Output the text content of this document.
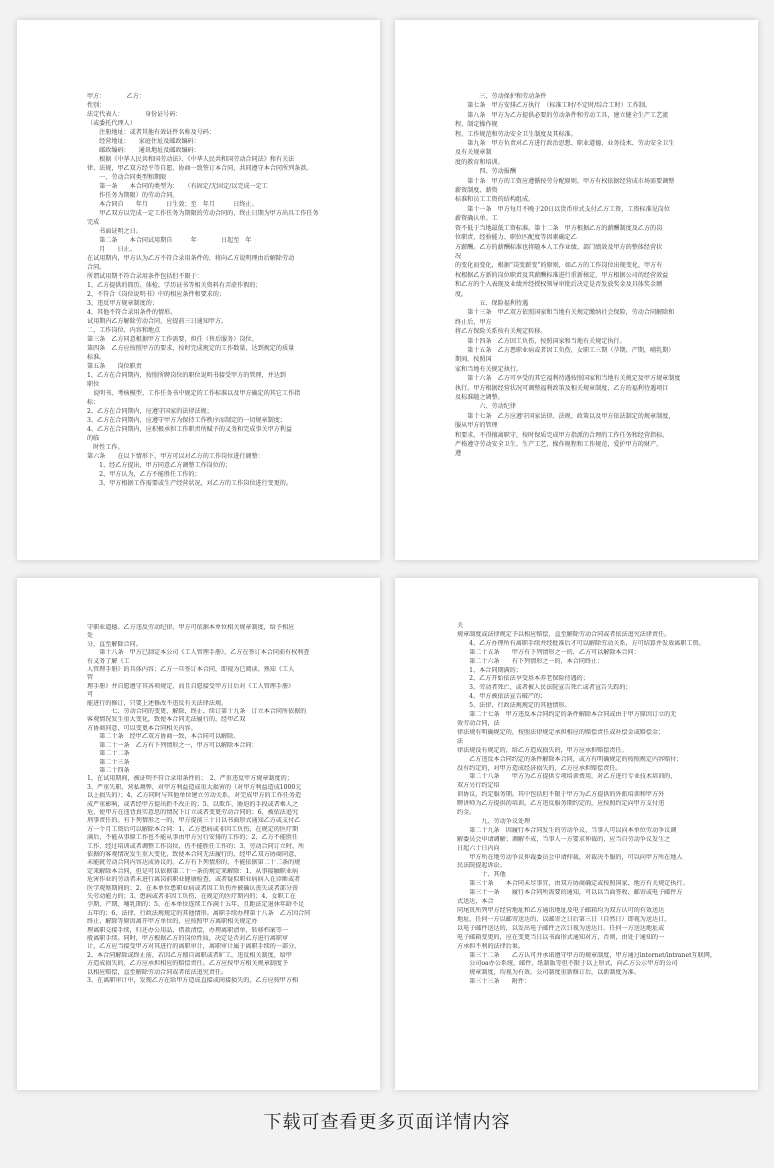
甲方：　　　　乙方：
性别：
法定代表人：　　　　身份证号码：
（或委托代理人）
　　注册地址：或者其他有效证件名称及号码：
　　经营地址：　　家庭住址及邮政编码：
　　邮政编码：　　通讯地址及邮政编码：
　　根据《中华人民共和国劳动法》、《中华人民共和国劳动合同法》和有关法
律、法规，甲乙双方经平等自愿、协商一致签订本合同，共同遵守本合同所列条款。
　　一、劳动合同类型和期限
　　第一条　　本合同的类型为：　　（有固定/无固定/以完成一定工
　　作任务为期限）的劳动合同。
　　本合同自　　年月　　　日生效；至　年月　　　日终止。
　　甲乙双方以完成一定工作任务为期限的劳动合同的，终止日期为甲方出具工作任务
完成
　　书面证明之日。
　　第二条　　本合同试用期自　　　年　　　　日起至　年
　　月　　日止。
在试用期内，甲方认为乙方不符合录用条件的，将向乙方说明理由后解除劳动
合同。
所谓试用期不符合录用条件包括但不限于：
1、乙方提供的简历、体检、学历证书等相关资料有弄虚作假的；
2、不符合《岗位说明书》中的相应条件和要求的；
3、违反甲方规章制度的；
4、其他不符合录用条件的情形。
试用期内乙方解除劳动合同，应提前三日通知甲方。
二、工作岗位、内容和地点
第三条　乙方同意根据甲方工作需要，担任（售后服务）岗位。
第四条　乙方应按照甲方的要求，按时完成规定的工作数量，达到规定的质量
标准。
第五条　　岗位职责
1、乙方在合同期内，按照所聘岗位的职位说明书接受甲方的管理，并达到
职位
　说明书、考核模型、工作任务书中规定的工作标准以及甲方确定的其它工作指
标；
2、乙方在合同期内，应遵守国家的法律法规；
3、乙方在合同期内，应遵守甲方为保持工作秩序而制定的一切规章制度；
4、乙方在合同期内，应积极承担工作职责所赋予的义务和完成事关甲方利益
的临
　时性工作。
第六条　　在以下情形下，甲方可以对乙方的工作岗位进行调整：
　　1、经乙方提出，甲方同意乙方调整工作岗位的；
　　2、甲方认为，乙方不能胜任工作的；
　　3、甲方根据工作需要或生产经营状况，对乙方的工作岗位进行变更的。
　　　　三、劳动保护和劳动条件
　　第七条　甲方安排乙方执行　（标准工时/不定时/综合工时）工作制。
　　第八条　甲方为乙方提供必要的劳动条件和劳动工具，建立健全生产工艺流
程，制定操作规
程、工作规范和劳动安全卫生制度及其标准。
　　第九条　甲方负责对乙方进行政治思想、职业道德、业务技术、劳动安全卫生
及有关规章制
度的教育和培训。
　　　　四、劳动报酬
　　第十条　甲方的工资应遵循按劳分配原则，甲方有权依据经营成市场需要调整
薪资制度、薪资
标准和员工工资的结构组成。
　　第十一条　甲方每月不晚于20日以货币形式支付乙方工资，工资标准见岗位
薪资确认单。工
资不低于当地最低工资标准。第十二条　甲方根据乙方的薪酬制度及乙方的岗
位职责、经验能力、职位匹配度等因素确定乙
方薪酬。乙方的薪酬标准也将随本人工作业绩、部门绩效及甲方的整体经营状
况
的变化而变化，根据“岗变薪变”的原则，如乙方的工作岗位出现变化，甲方有
权根据乙方新的岗位职责及其薪酬标准进行重新核定，甲方根据公司的经营效益
和乙方的个人表现及业绩并经授权领导审批后决定是否发放奖金及具体奖金额
度。
　　　　五、保险福利待遇
　　第十三条　甲乙双方依照国家和当地有关规定缴纳社会保险，劳动合同解除和
终止后，甲方
将乙方保险关系按有关规定转移。
　　第十四条　乙方因工负伤，按照国家和当地有关规定执行。
　　第十五条　乙方患职业病或者因工负伤，女职工三期（孕期，产期，哺乳期）
期间，按照国
家和当地有关规定执行。
　　第十六条　乙方可享受的其它福利待遇按照国家和当地有关规定及甲方规章制度
执行。甲方根据经营状况可调整福利政策及相关规章制度，乙方的福利待遇项目
及标准随之调整。
　　　　六、劳动纪律
　　第十七条　乙方应遵守国家法律、法规、政策以及甲方依法制定的规章制度，
服从甲方的管理
和要求，不得擅离职守，按时保质完成甲方指派的合理的工作任务和经营指标。
严格遵守劳动安全卫生、生产工艺、操作规程和工作规范，爱护甲方的财产，
遵
守职业道德。乙方违反劳动纪律，甲方可依据本单位相关规章制度，给予相应
处
分，直至解除合同。
　　第十八条　甲方已制定本公司《工人管理手册》，乙方在签订本合同前有权利查
有义务了解《工
人管理手册》的具体内容；乙方一旦签订本合同，即视为已阅读、熟知《工人
管
理手册》并自愿遵守其各项规定，而且自愿接受甲方日后对《工人管理手册》
可
能进行的修订，只要上述修改不违反有关法律法规。
　　　　七、劳动合同的变更、解除、终止、续订第十九条　订立本合同所依据的
客观情况发生重大变化，致使本合同无法履行的，经甲乙双
方协商同意，可以变更本合同相关内容。
　　第二十条　经甲乙双方协商一致，本合同可以解除。
　　第二十一条　乙方有下列情形之一，甲方可以解除本合同：
　　第二十二条
　　第二十三条
　　第二十四条
1、在试用期间，被证明不符合录用条件的；　2、严重违反甲方规章制度的；
3、严重失职、营私舞弊，对甲方利益造成重大损害的（对甲方利益造成1000元
以上损失的）；4、乙方同时与其他单位建立劳动关系，对完成甲方的工作任务造
成严重影响，或者经甲方提出拒不改正的；5、以欺诈、胁迫的手段或者乘人之
危，使甲方在违背真实意思的情况下订立或者变更劳动合同的；6、被依法追究
刑事责任的。有下列情形之一的，甲方提前三十日以书面形式通知乙方或支付乙
方一个月工资后可以解除本合同：1、乙方患病或非因工负伤，在规定的医疗期
满后，不能从事原工作也不能从事由甲方另行安排的工作的；2、乙方不能胜任
工作，经过培训或者调整工作岗位，仍不能胜任工作的；3、劳动合同订立时，所
依据的客观情况发生重大变化，致使本合同无法履行的，经甲乙双方协商同意，
未能就劳动合同内容达成协议的。乙方有下列情形的，不能依据第二十二条的规
定来解除本合同，但是可以依据第二十一条的规定来解除：1、从事接触职业病
危害作业的劳动者未进行离岗前职业健康检查，或者疑似职业病病人在诊断或者
医学观察期间的；2、在本单位患职业病或者因工负伤并被确认丧失或者部分丧
失劳动能力的；3、患病或者非因工负伤，在规定的医疗期内的；4、女职工在
孕期、产期、哺乳期的；5、在本单位连续工作满十五年，且距法定退休年龄不足
五年的；6、法律、行政法规规定的其他情形。离职手续办理第十八条　乙方因合同
终止、解除等原因离开甲方单位的，应按照甲方离职相关规定办
理离职交接手续，归还办公用品、借款清偿，办理离职清单，转移档案等一
般离职手续。同时，甲方根据乙方的岗位性质，决定是否对乙方进行离职审
计，乙方应当接受甲方对其进行的离职审计，离职审计属于离职手续的一部分。
2、本合同解除或终止前，若因乙方擅自离职或者旷工，违反相关制度，给甲
方造成损失的，乙方应承担相应的赔偿责任。乙方应按甲方相关规章制度予
以相应赔偿，直至解除劳动合同或者依法追究责任。
3、在离职审计中，发现乙方在给甲方造成直接或间接损失的，乙方应按甲方相
关
规章制度或法律规定予以相应赔偿，直至解除劳动合同或者依法追究法律责任。
　　4、乙方办理所有离职手续并经批准后才可以解除劳动关系，方可结算并发放离职工资。
　　第二十五条　　甲方有下列情形之一的，乙方可以解除本合同：
　　第二十六条　　有下列情形之一的，本合同终止：
　　1、本合同期满的；
　　2、乙方开始依法享受基本养老保险待遇的；
　　3、劳动者死亡，或者被人民法院宣告死亡或者宣告失踪的；
　　4、甲方被依法宣告破产的；
　　5、法律、行政法规规定的其他情形。
　　第二十七条　甲方违反本合同约定的条件解除本合同或由于甲方原因订立的无
效劳动合同，法
律法规有明确规定的，按照法律规定承担相应的赔偿责任或补偿金或赔偿金；
法
律法规没有规定的，给乙方造成损失的，甲方应承担赔偿责任。
　　乙方违反本合同约定的条件解除本合同，或方有明确规定的按照规定内容赔付；
没有约定的，对甲方造成经济损失的，乙方应承担赔偿责任。
　　第二十八条　　甲方为乙方提供专项培训费用，对乙方进行专业技术培训的，
双方另行约定培
训协议，约定服务期。其中包括但不限于甲方为乙方提供的外派培训和甲方外
聘讲师为乙方提供的培训。乙方违反服务期约定的，应按照约定向甲方支付违
约金。
　　　　九、劳动争议处理
　　第二十九条　因履行本合同发生的劳动争议，当事人可以向本单位劳动争议调
解委员会申请调解；调解不成，当事人一方要求仲裁的，应当自劳动争议发生之
日起六十日内向
　　甲方所在地劳动争议仲裁委员会申请仲裁，对裁决不服的，可以向甲方所在地人
民法院提起诉讼。
　　　　十、其他
　　第三十条　　本合同未尽事宜，由双方协商确定或按照国家、地方有关规定执行。
　　第三十一条　　履行本合同所需要的通知，可以以当面签收、邮寄或电子邮件方
式送达，本合
同尾页所列甲方经营地址和乙方通讯地址及电子邮箱均为双方认可的有效送达
地址，任何一方以邮寄送达的，以邮寄之日后第三日（自然日）即视为送达日，
以电子邮件送达的，以发出电子邮件之次日视为送达日。任何一方送达地址或
电子邮箱变更的，应在变更当日以书面形式通知对方，否则，由处于通知的一
方承担不利的法律后果。
　　第三十二条　　乙方认可并承诺遵守甲方的规章制度，甲方通过internet/intranet互联网，
　　公司oa办公系统、邮件、纸制版等但不限于以上形式，向乙方公示甲方的公司
　　规章制度，均视为有效。公司制度重新修订后，以新制度为准。
　　第三十三条　　附件：
下载可查看更多页面详情内容
